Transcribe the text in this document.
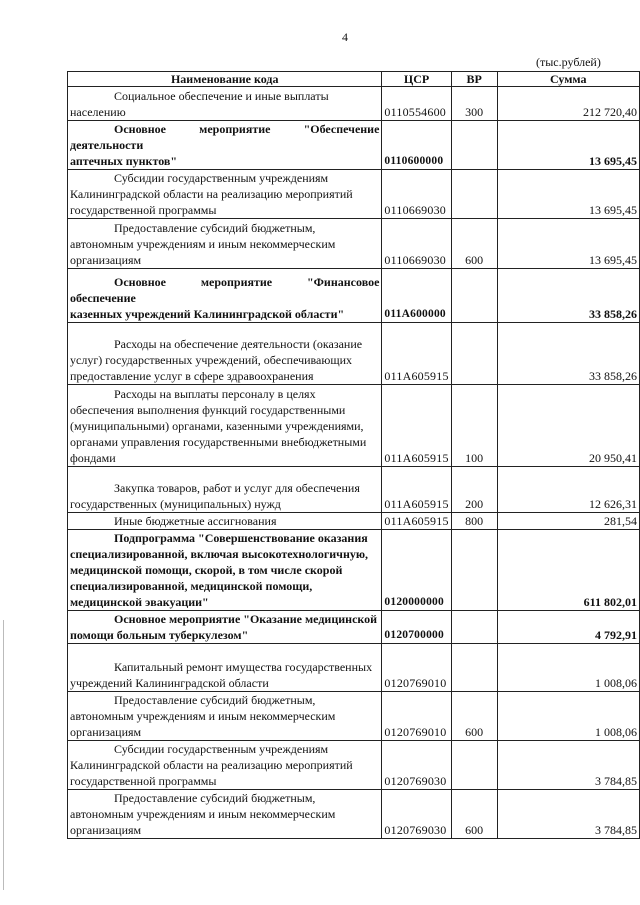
4
(тыс.рублей)
Наименование кода	ЦСР	ВР	Сумма

Социальное обеспечение и иные выплаты
населению	0110554600	300	212 720,40

Основное мероприятие "Обеспечение деятельности
аптечных пунктов"	0110600000		13 695,45

Субсидии государственным учреждениям
Калининградской области на реализацию мероприятий
государственной программы	0110669030		13 695,45

Предоставление субсидий бюджетным,
автономным учреждениям и иным некоммерческим
организациям	0110669030	600	13 695,45

Основное мероприятие "Финансовое обеспечение
казенных учреждений Калининградской области"	011А600000		33 858,26

Расходы на обеспечение деятельности (оказание
услуг) государственных учреждений, обеспечивающих
предоставление услуг в сфере здравоохранения	011А605915		33 858,26

Расходы на выплаты персоналу в целях
обеспечения выполнения функций государственными
(муниципальными) органами, казенными учреждениями,
органами управления государственными внебюджетными
фондами	011А605915	100	20 950,41

Закупка товаров, работ и услуг для обеспечения
государственных (муниципальных) нужд	011А605915	200	12 626,31

Иные бюджетные ассигнования	011А605915	800	281,54

Подпрограмма "Совершенствование оказания
специализированной, включая высокотехнологичную,
медицинской помощи, скорой, в том числе скорой
специализированной, медицинской помощи,
медицинской эвакуации"	0120000000		611 802,01

Основное мероприятие "Оказание медицинской
помощи больным туберкулезом"	0120700000		4 792,91

Капитальный ремонт имущества государственных
учреждений Калининградской области	0120769010		1 008,06

Предоставление субсидий бюджетным,
автономным учреждениям и иным некоммерческим
организациям	0120769010	600	1 008,06

Субсидии государственным учреждениям
Калининградской области на реализацию мероприятий
государственной программы	0120769030		3 784,85

Предоставление субсидий бюджетным,
автономным учреждениям и иным некоммерческим
организациям	0120769030	600	3 784,85
